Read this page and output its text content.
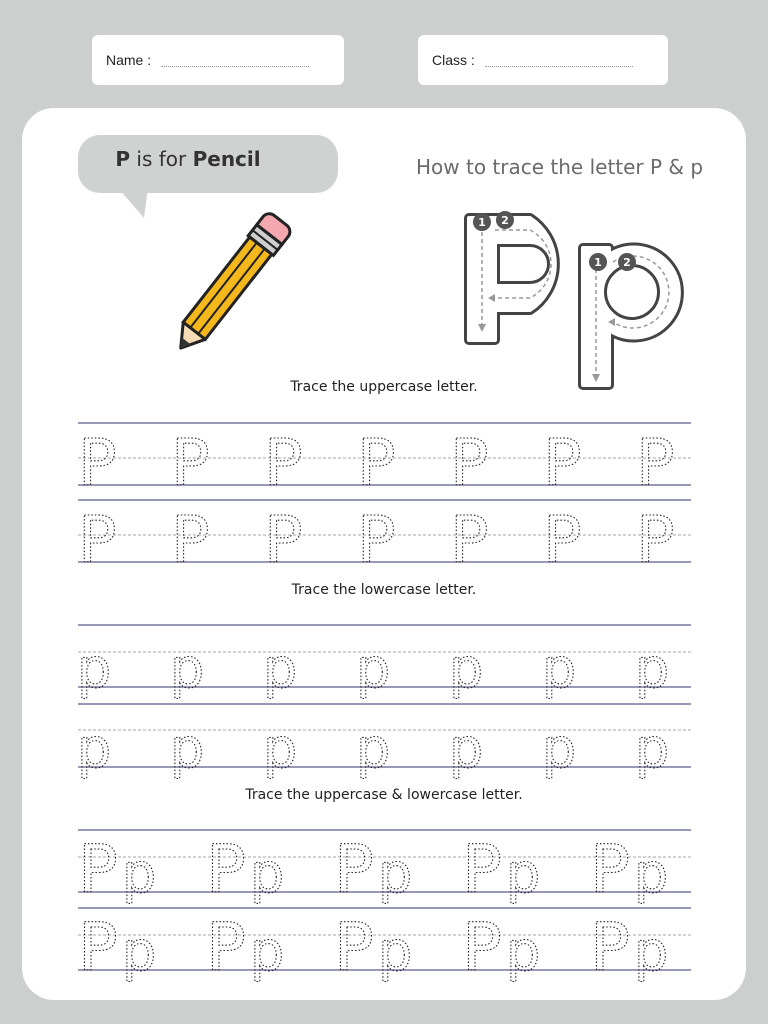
Name :	Class :
P is for Pencil	How to trace the letter P & p
1 2
1 2
Trace the uppercase letter.
Trace the lowercase letter.
Trace the uppercase & lowercase letter.
P P P P P P P
P P P P P P P
p p p p p p p
p p p p p p p
P p P p P p P p P p
P p P p P p P p P p
